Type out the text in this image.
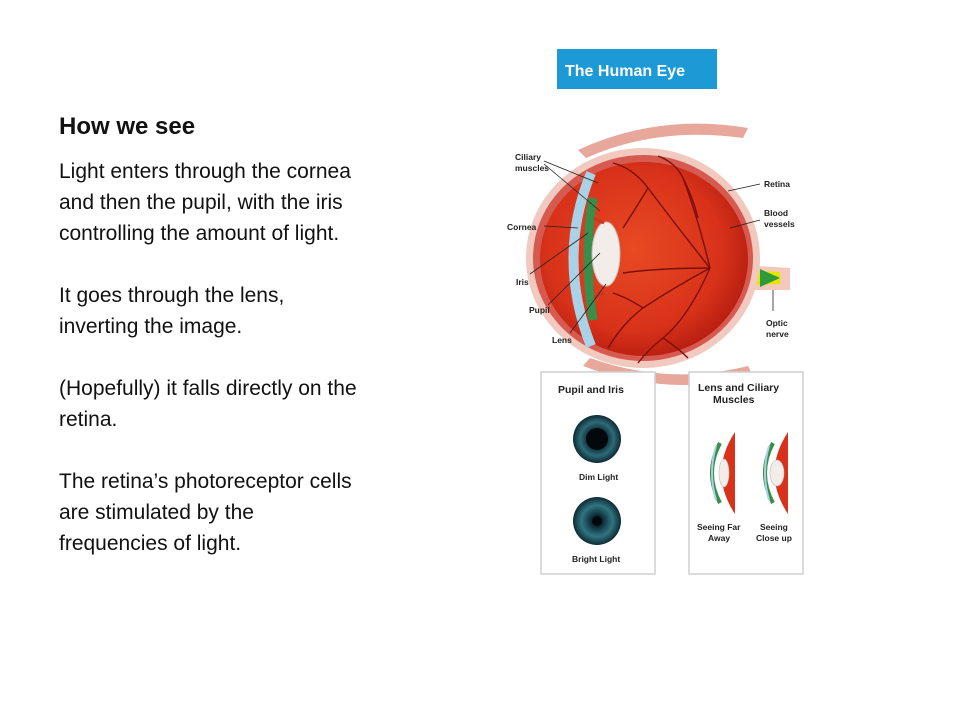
How we see

Light enters through the cornea and then the pupil, with the iris controlling the amount of light.

It goes through the lens, inverting the image.

(Hopefully) it falls directly on the retina.

The retina’s photoreceptor cells are stimulated by the frequencies of light.

The Human Eye
Ciliary
muscles
Cornea
Iris
Pupil
Lens
Retina
Blood
vessels
Optic
nerve
Pupil and Iris
Dim Light
Bright Light
Lens and Ciliary
Muscles
Seeing Far
Away
Seeing
Close up
